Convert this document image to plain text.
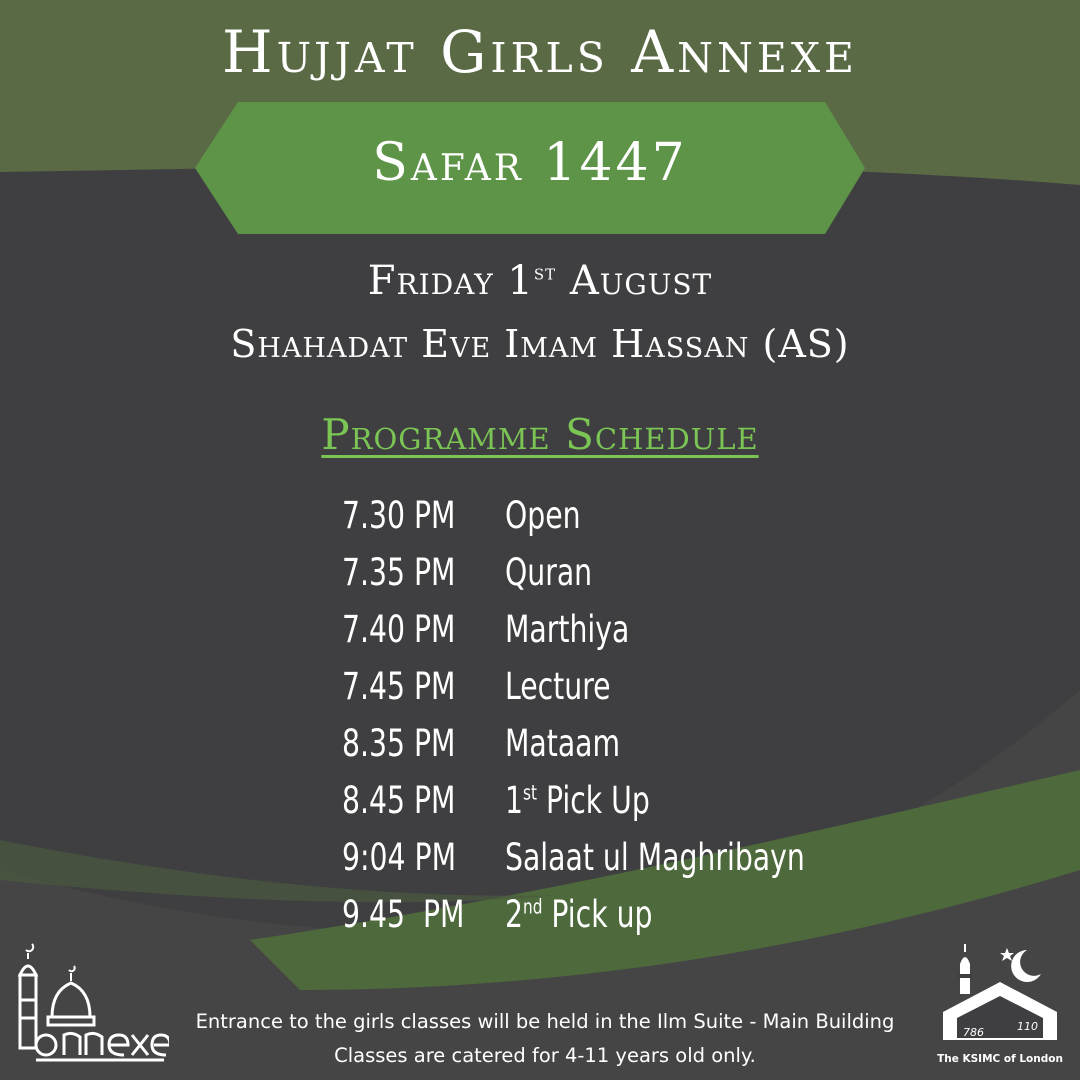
Hujjat Girls Annexe
Safar 1447
Friday 1st August
Shahadat Eve Imam Hassan (AS)
Programme Schedule
7.30 PM	Open
7.35 PM	Quran
7.40 PM	Marthiya
7.45 PM	Lecture
8.35 PM	Mataam
8.45 PM	1st Pick Up
9:04 PM	Salaat ul Maghribayn
9.45  PM	2nd Pick up
Entrance to the girls classes will be held in the Ilm Suite - Main Building
Classes are catered for 4-11 years old only.
786	110
The KSIMC of London
